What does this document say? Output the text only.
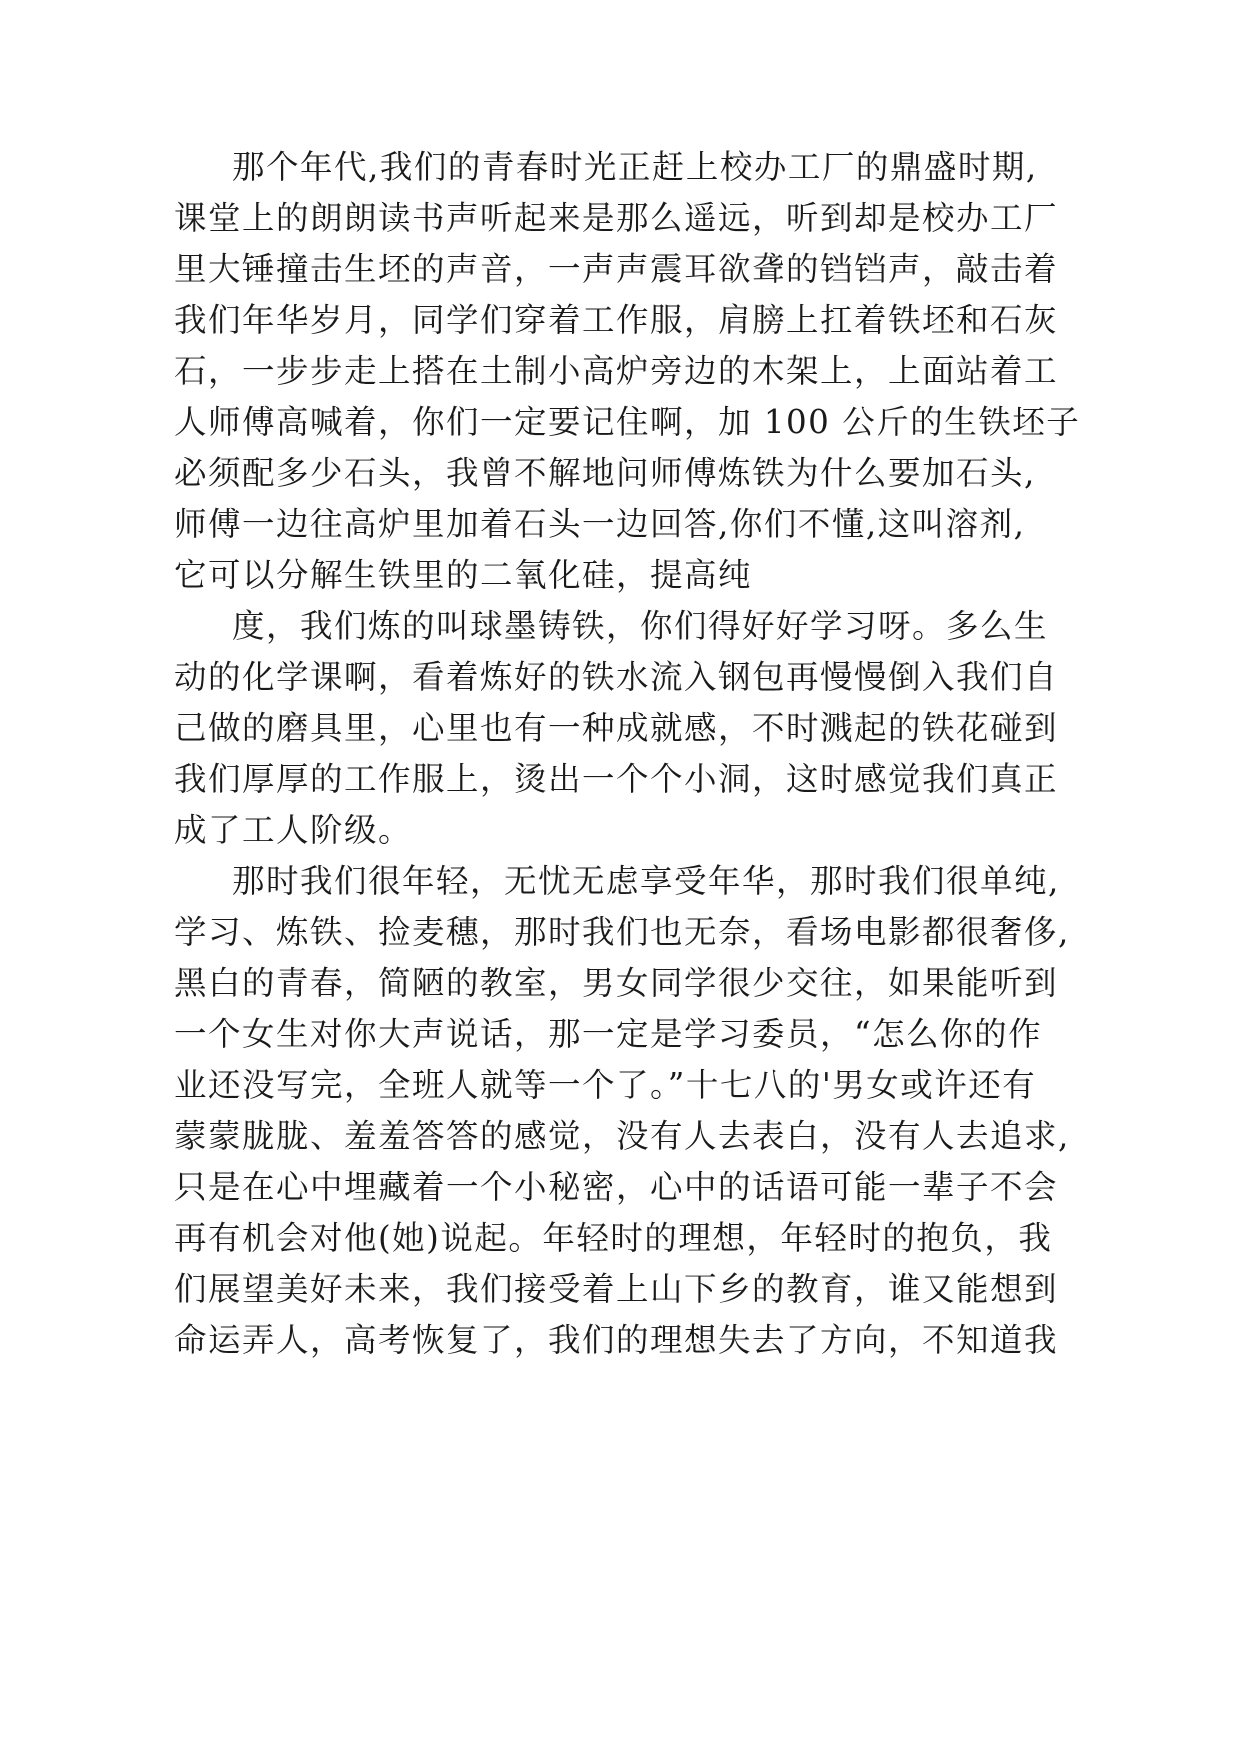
那个年代,我们的青春时光正赶上校办工厂的鼎盛时期,
课堂上的朗朗读书声听起来是那么遥远，听到却是校办工厂
里大锤撞击生坯的声音，一声声震耳欲聋的铛铛声，敲击着
我们年华岁月，同学们穿着工作服，肩膀上扛着铁坯和石灰
石，一步步走上搭在土制小高炉旁边的木架上，上面站着工
人师傅高喊着，你们一定要记住啊，加 100 公斤的生铁坯子
必须配多少石头，我曾不解地问师傅炼铁为什么要加石头,
师傅一边往高炉里加着石头一边回答,你们不懂,这叫溶剂,
它可以分解生铁里的二氧化硅，提高纯
度，我们炼的叫球墨铸铁，你们得好好学习呀。多么生
动的化学课啊，看着炼好的铁水流入钢包再慢慢倒入我们自
己做的磨具里，心里也有一种成就感，不时溅起的铁花碰到
我们厚厚的工作服上，烫出一个个小洞，这时感觉我们真正
成了工人阶级。
那时我们很年轻，无忧无虑享受年华，那时我们很单纯,
学习、炼铁、捡麦穗，那时我们也无奈，看场电影都很奢侈,
黑白的青春，简陋的教室，男女同学很少交往，如果能听到
一个女生对你大声说话，那一定是学习委员，“怎么你的作
业还没写完，全班人就等一个了。”十七八的'男女或许还有
蒙蒙胧胧、羞羞答答的感觉，没有人去表白，没有人去追求,
只是在心中埋藏着一个小秘密，心中的话语可能一辈子不会
再有机会对他(她)说起。年轻时的理想，年轻时的抱负，我
们展望美好未来，我们接受着上山下乡的教育，谁又能想到
命运弄人，高考恢复了，我们的理想失去了方向，不知道我
